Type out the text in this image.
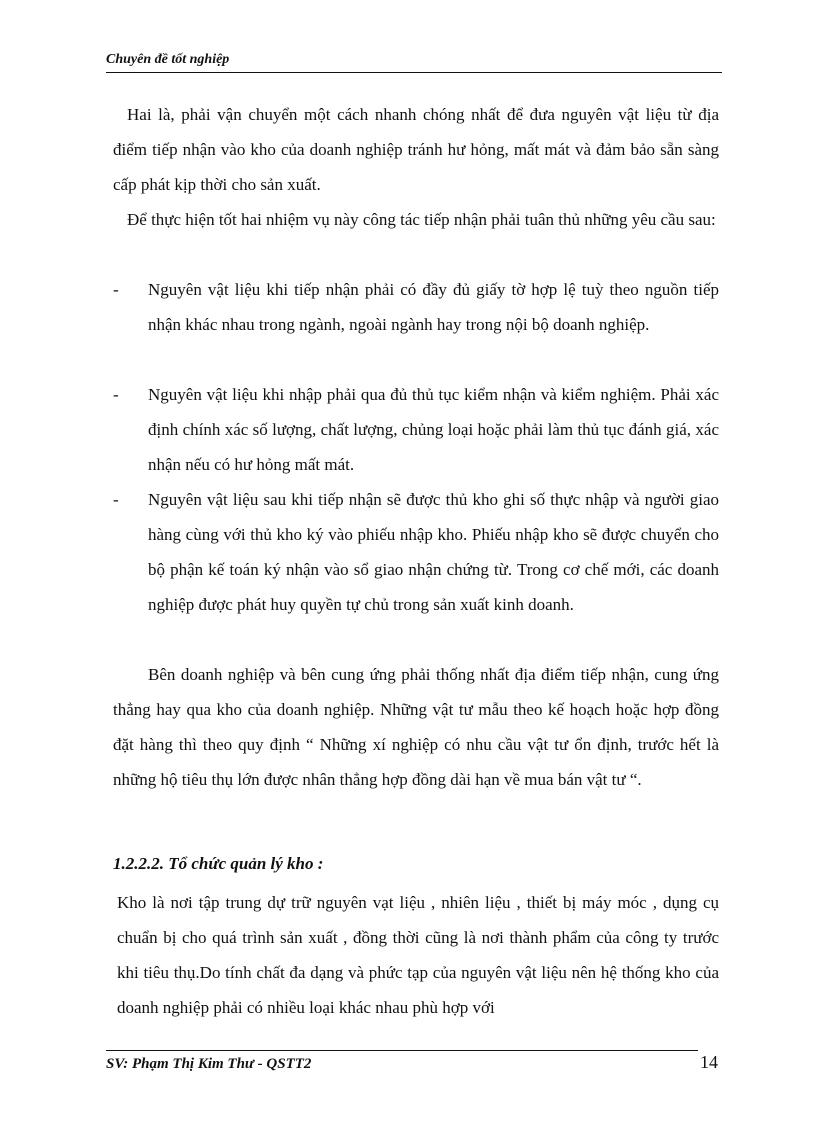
Chuyên đề tốt nghiệp

Hai là, phải vận chuyển một cách nhanh chóng nhất để đưa nguyên vật liệu từ địa điểm tiếp nhận vào kho của doanh nghiệp tránh hư hỏng, mất mát và đảm bảo sẵn sàng cấp phát kịp thời cho sản xuất.

Để thực hiện tốt hai nhiệm vụ này công tác tiếp nhận phải tuân thủ những yêu cầu sau:

- Nguyên vật liệu khi tiếp nhận phải có đầy đủ giấy tờ hợp lệ tuỳ theo nguồn tiếp nhận khác nhau trong ngành, ngoài ngành hay trong nội bộ doanh nghiệp.
- Nguyên vật liệu khi nhập phải qua đủ thủ tục kiểm nhận và kiểm nghiệm. Phải xác định chính xác số lượng, chất lượng, chủng loại hoặc phải làm thủ tục đánh giá, xác nhận nếu có hư hỏng mất mát.
- Nguyên vật liệu sau khi tiếp nhận sẽ được thủ kho ghi số thực nhập và người giao hàng cùng với thủ kho ký vào phiếu nhập kho. Phiếu nhập kho sẽ được chuyển cho bộ phận kế toán ký nhận vào sổ giao nhận chứng từ. Trong cơ chế mới, các doanh nghiệp được phát huy quyền tự chủ trong sản xuất kinh doanh.

Bên doanh nghiệp và bên cung ứng phải thống nhất địa điểm tiếp nhận, cung ứng thẳng hay qua kho của doanh nghiệp. Những vật tư mẫu theo kế hoạch hoặc hợp đồng đặt hàng thì theo quy định “ Những xí nghiệp có nhu cầu vật tư ổn định, trước hết là những hộ tiêu thụ lớn được nhân thẳng hợp đồng dài hạn về mua bán vật tư “.

1.2.2.2. Tổ chức quản lý kho :

Kho là nơi tập trung dự trữ nguyên vạt liệu , nhiên liệu , thiết bị máy móc , dụng cụ chuẩn bị cho quá trình sản xuất , đồng thời cũng là nơi thành phẩm của công ty trước khi tiêu thụ.Do tính chất đa dạng và phức tạp của nguyên vật liệu nên hệ thống kho của doanh nghiệp phải có nhiều loại khác nhau phù hợp với

SV: Phạm Thị Kim Thư - QSTT2	14
